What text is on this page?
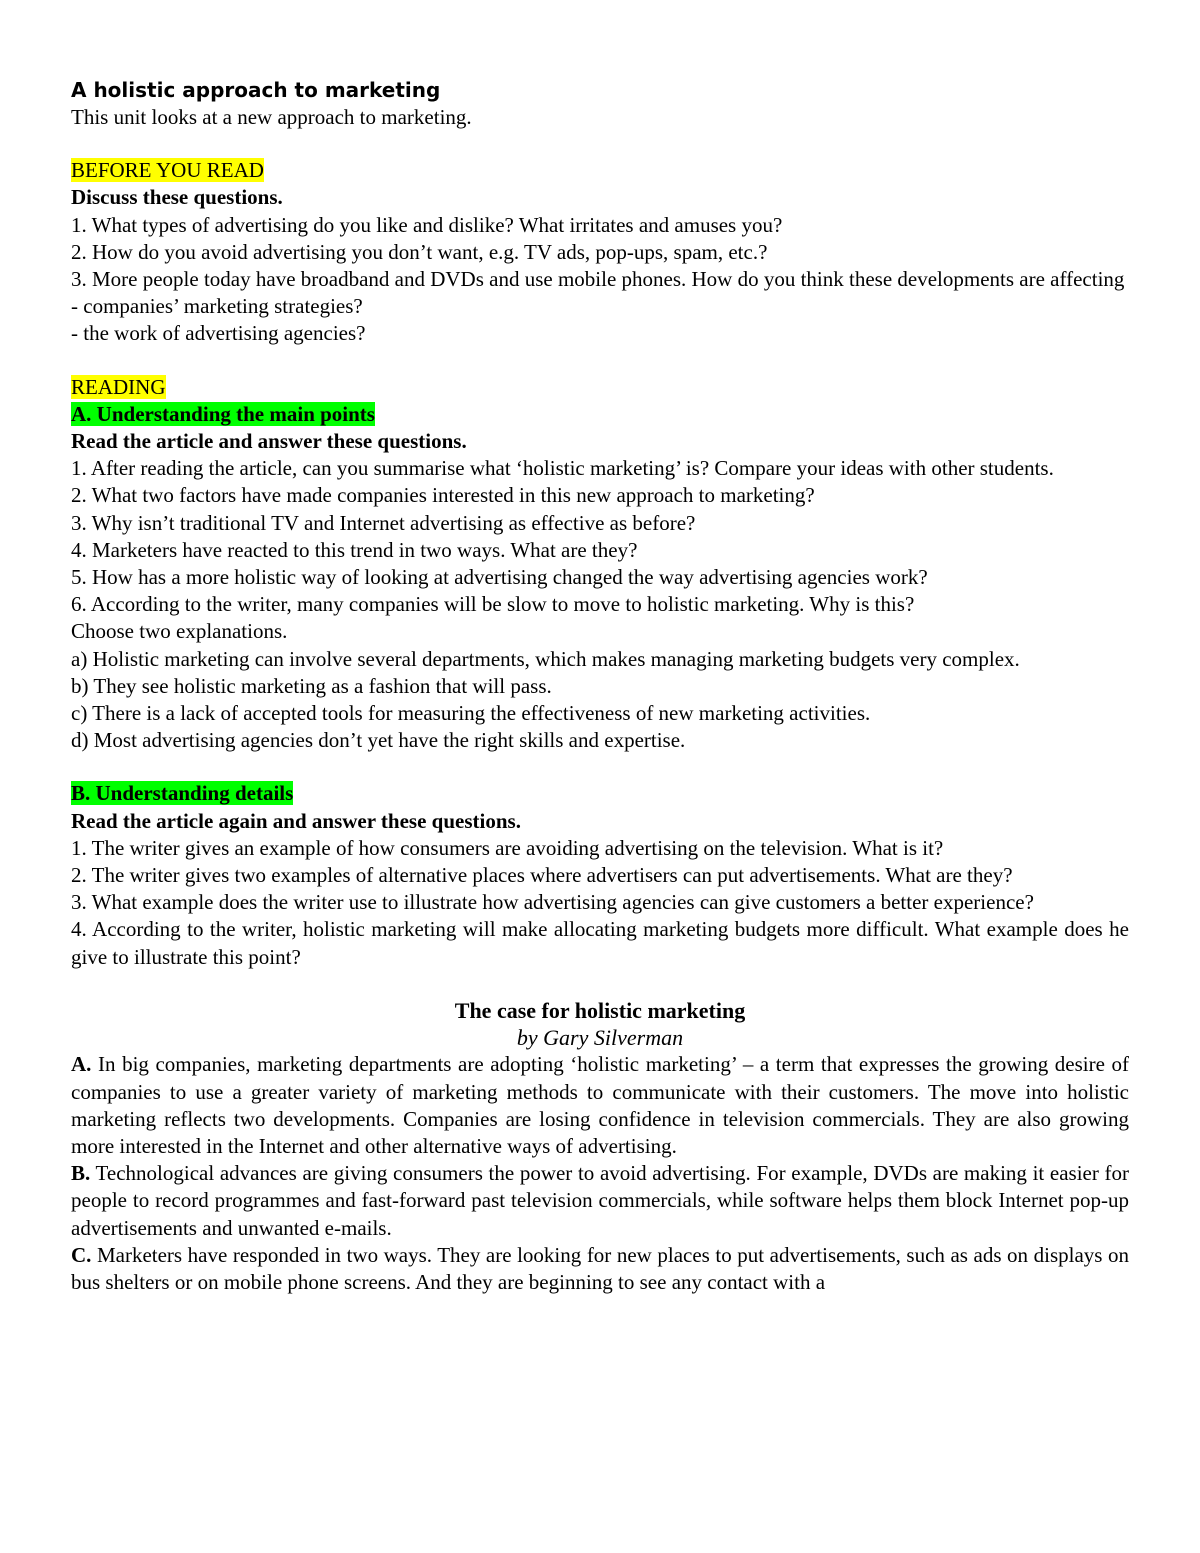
A holistic approach to marketing

This unit looks at a new approach to marketing.

BEFORE YOU READ

Discuss these questions.

1. What types of advertising do you like and dislike? What irritates and amuses you?

2. How do you avoid advertising you don’t want, e.g. TV ads, pop-ups, spam, etc.?

3. More people today have broadband and DVDs and use mobile phones. How do you think these developments are affecting

- companies’ marketing strategies?

- the work of advertising agencies?

READING

A. Understanding the main points

Read the article and answer these questions.

1. After reading the article, can you summarise what ‘holistic marketing’ is? Compare your ideas with other students.

2. What two factors have made companies interested in this new approach to marketing?

3. Why isn’t traditional TV and Internet advertising as effective as before?

4. Marketers have reacted to this trend in two ways. What are they?

5. How has a more holistic way of looking at advertising changed the way advertising agencies work?

6. According to the writer, many companies will be slow to move to holistic marketing. Why is this?

Choose two explanations.

a) Holistic marketing can involve several departments, which makes managing marketing budgets very complex.

b) They see holistic marketing as a fashion that will pass.

c) There is a lack of accepted tools for measuring the effectiveness of new marketing activities.

d) Most advertising agencies don’t yet have the right skills and expertise.

B. Understanding details

Read the article again and answer these questions.

1. The writer gives an example of how consumers are avoiding advertising on the television. What is it?

2. The writer gives two examples of alternative places where advertisers can put advertisements. What are they?

3. What example does the writer use to illustrate how advertising agencies can give customers a better experience?

4. According to the writer, holistic marketing will make allocating marketing budgets more difficult. What example does he give to illustrate this point?

The case for holistic marketing

by Gary Silverman

A. In big companies, marketing departments are adopting ‘holistic marketing’ – a term that expresses the growing desire of companies to use a greater variety of marketing methods to communicate with their customers. The move into holistic marketing reflects two developments. Companies are losing confidence in television commercials. They are also growing more interested in the Internet and other alternative ways of advertising.

B. Technological advances are giving consumers the power to avoid advertising. For example, DVDs are making it easier for people to record programmes and fast-forward past television commercials, while software helps them block Internet pop-up advertisements and unwanted e-mails.

C. Marketers have responded in two ways. They are looking for new places to put advertisements, such as ads on displays on bus shelters or on mobile phone screens. And they are beginning to see any contact with a
